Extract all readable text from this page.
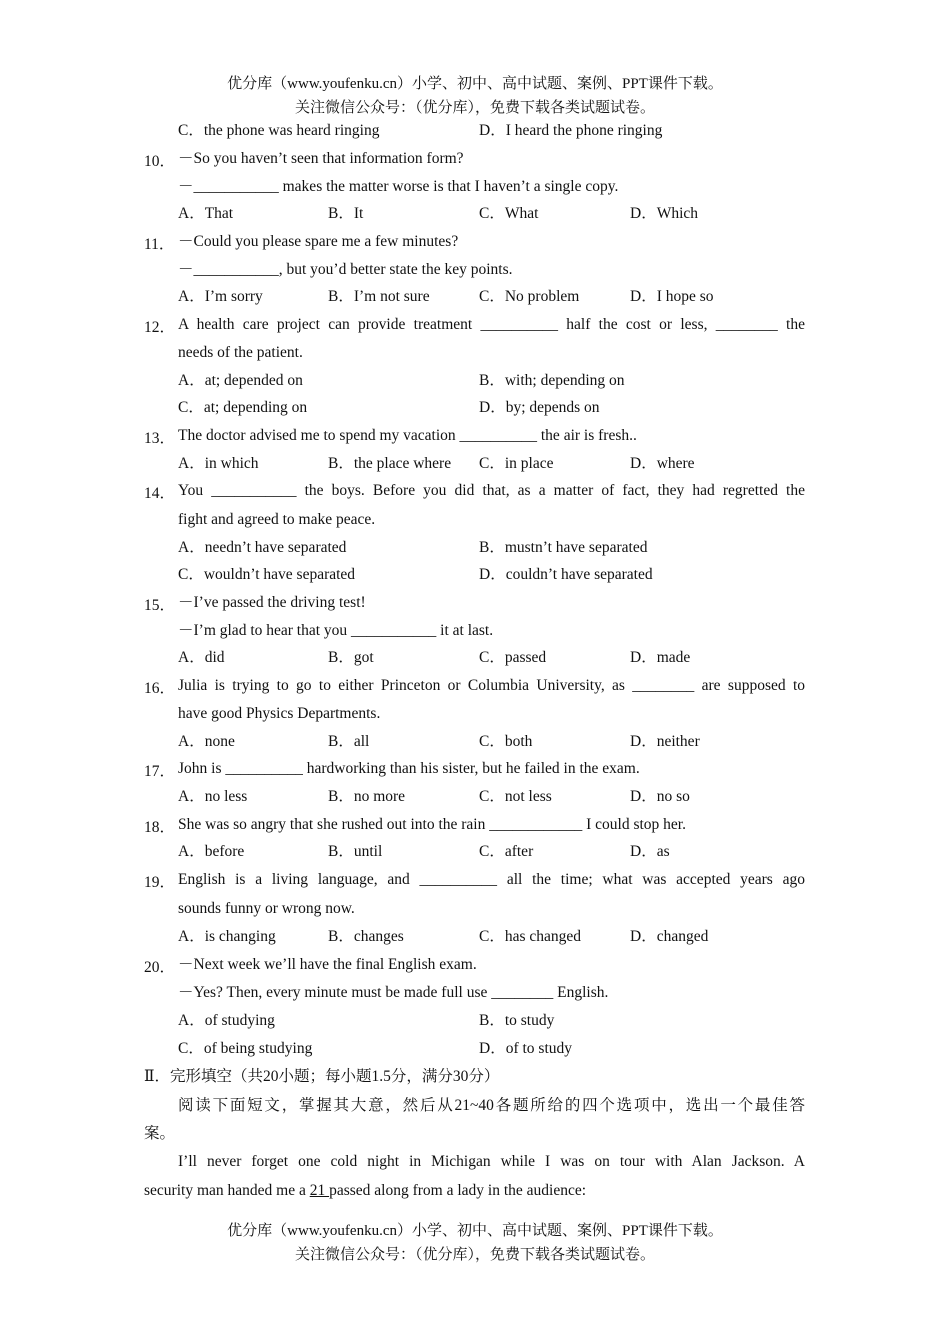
优分库（www.youfenku.cn）小学、初中、高中试题、案例、PPT课件下载。
关注微信公众号：（优分库），免费下载各类试题试卷。
C．the phone was heard ringing	D．I heard the phone ringing
10． －So you haven’t seen that information form?
－___________ makes the matter worse is that I haven’t a single copy.
A．That	B．It	C．What	D．Which
11． －Could you please spare me a few minutes?
－___________, but you’d better state the key points.
A．I’m sorry	B．I’m not sure	C．No problem	D．I hope so
12． A health care project can provide treatment __________ half the cost or less, ________ the
needs of the patient.
A．at; depended on	B．with; depending on
C．at; depending on	D．by; depends on
13． The doctor advised me to spend my vacation __________ the air is fresh..
A．in which	B．the place where C．in place	D．where
14． You ___________ the boys. Before you did that, as a matter of fact, they had regretted the
fight and agreed to make peace.
A．needn’t have separated	B．mustn’t have separated
C．wouldn’t have separated	D．couldn’t have separated
15． －I’ve passed the driving test!
－I’m glad to hear that you ___________ it at last.
A．did	B．got	C．passed	D．made
16． Julia is trying to go to either Princeton or Columbia University, as ________ are supposed to
have good Physics Departments.
A．none	B．all	C．both	D．neither
17． John is __________ hardworking than his sister, but he failed in the exam.
A．no less	B．no more	C．not less	D．no so
18． She was so angry that she rushed out into the rain ____________ I could stop her.
A．before	B．until	C．after	D．as
19． English is a living language, and __________ all the time; what was accepted years ago
sounds funny or wrong now.
A．is changing	B．changes	C．has changed	D．changed
20． －Next week we’ll have the final English exam.
－Yes? Then, every minute must be made full use ________ English.
A．of studying	B．to study
C．of being studying	D．of to study
Ⅱ．完形填空（共20小题；每小题1.5分，满分30分）
阅读下面短文，掌握其大意，然后从21~40各题所给的四个选项中，选出一个最佳答
案。
I’ll never forget one cold night in Michigan while I was on tour with Alan Jackson. A
security man handed me a 21 passed along from a lady in the audience:
优分库（www.youfenku.cn）小学、初中、高中试题、案例、PPT课件下载。
关注微信公众号：（优分库），免费下载各类试题试卷。
